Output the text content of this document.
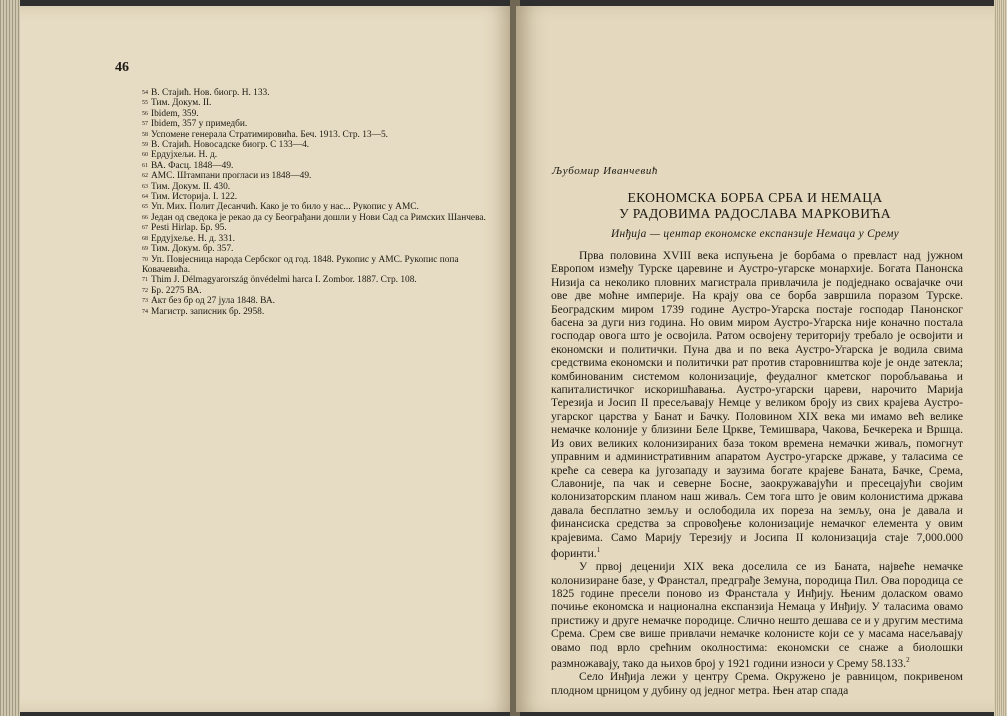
46
54 В. Стајић. Нов. биогр. Н. 133.
55 Тим. Докум. II.
56 Ibidem, 359.
57 Ibidem, 357 у примедби.
58 Успомене генерала Стратимировића. Беч. 1913. Стр. 13—5.
59 В. Стајић. Новосадске биогр. С 133—4.
60 Ердујхељи. Н. д.
61 ВА. Фасц. 1848—49.
62 АМС. Штампани прогласи из 1848—49.
63 Тим. Докум. II. 430.
64 Тим. Историја. I. 122.
65 Уп. Мих. Полит Десанчић. Како је то било у нас... Рукопис у АМС.
66 Један од сведока је рекао да су Београђани дошли у Нови Сад са Римских Шанчева.
67 Pesti Hirlap. Бр. 95.
68 Ердујхеље. Н. д. 331.
69 Тим. Докум. бр. 357.
70 Уп. Повјесница народа Сербског од год. 1848. Рукопис у АМС. Рукопис попа Ковачевића.
71 Thim J. Délmagyarország önvédelmi harca I. Zombor. 1887. Стр. 108.
72 Бр. 2275 ВА.
73 Акт без бр од 27 јула 1848. ВА.
74 Магистр. записник бр. 2958.
Љубомир Иванчевић
ЕКОНОМСКА БОРБА СРБА И НЕМАЦА
У РАДОВИМА РАДОСЛАВА МАРКОВИЋА
Инђија — центар економске експанзије Немаца у Срему

Прва половина XVIII века испуњена је борбама о превласт над јужном Европом између Турске царевине и Аустро-угарске монархије. Богата Панонска Низија са неколико пловних магистрала привлачила је подједнако освајачке очи ове две моћне империје. На крају ова се борба завршила поразом Турске. Београдским миром 1739 године Аустро-Угарска постаје господар Панонског басена за дуги низ година. Но овим миром Аустро-Угарска није коначно постала господар овога што је освојила. Ратом освојену територију требало је освојити и економски и политички. Пуна два и по века Аустро-Угарска је водила свима средствима економски и политички рат против старовништва које је онде затекла; комбинованим системом колонизације, феудалног кметског поробљавања и капиталистичког искоришћавања. Аустро-угарски цареви, нарочито Марија Терезија и Јосип II пресељавају Немце у великом броју из свих крајева Аустро-угарског царства у Банат и Бачку. Половином XIX века ми имамо већ велике немачке колоније у близини Беле Цркве, Темишвара, Чакова, Бечкерека и Вршца. Из ових великих колонизираних база током времена немачки живаљ, помогнут управним и административним апаратом Аустро-угарске државе, у таласима се креће са севера ка југозападу и заузима богате крајеве Баната, Бачке, Срема, Славоније, па чак и северне Босне, заокружавајући и пресецајући својим колонизаторским планом наш живаљ. Сем тога што је овим колонистима држава давала бесплатно земљу и ослободила их пореза на земљу, она је давала и финансиска средства за спровођење колонизације немачког елемента у овим крајевима. Само Марију Терезију и Јосипа II колонизација стаје 7,000.000 форинти.$^1$

У првој деценији XIX века доселила се из Баната, највеће немачке колонизиране базе, у Франстал, предграђе Земуна, породица Пил. Ова породица се 1825 године пресели поново из Франстала у Инђију. Њеним доласком овамо почиње економска и национална експанзија Немаца у Инђију. У таласима овамо пристижу и друге немачке породице. Слично нешто дешава се и у другим местима Срема. Срем све више привлачи немачке колонисте који се у масама насељавају овамо под врло срећним околностима: економски се снаже а биолошки размножавају, тако да њихов број у 1921 години износи у Срему 58.133.$^2$

Село Инђија лежи у центру Срема. Окружено је равницом, покривеном плодном црницом у дубину од једног метра. Њен атар спада
